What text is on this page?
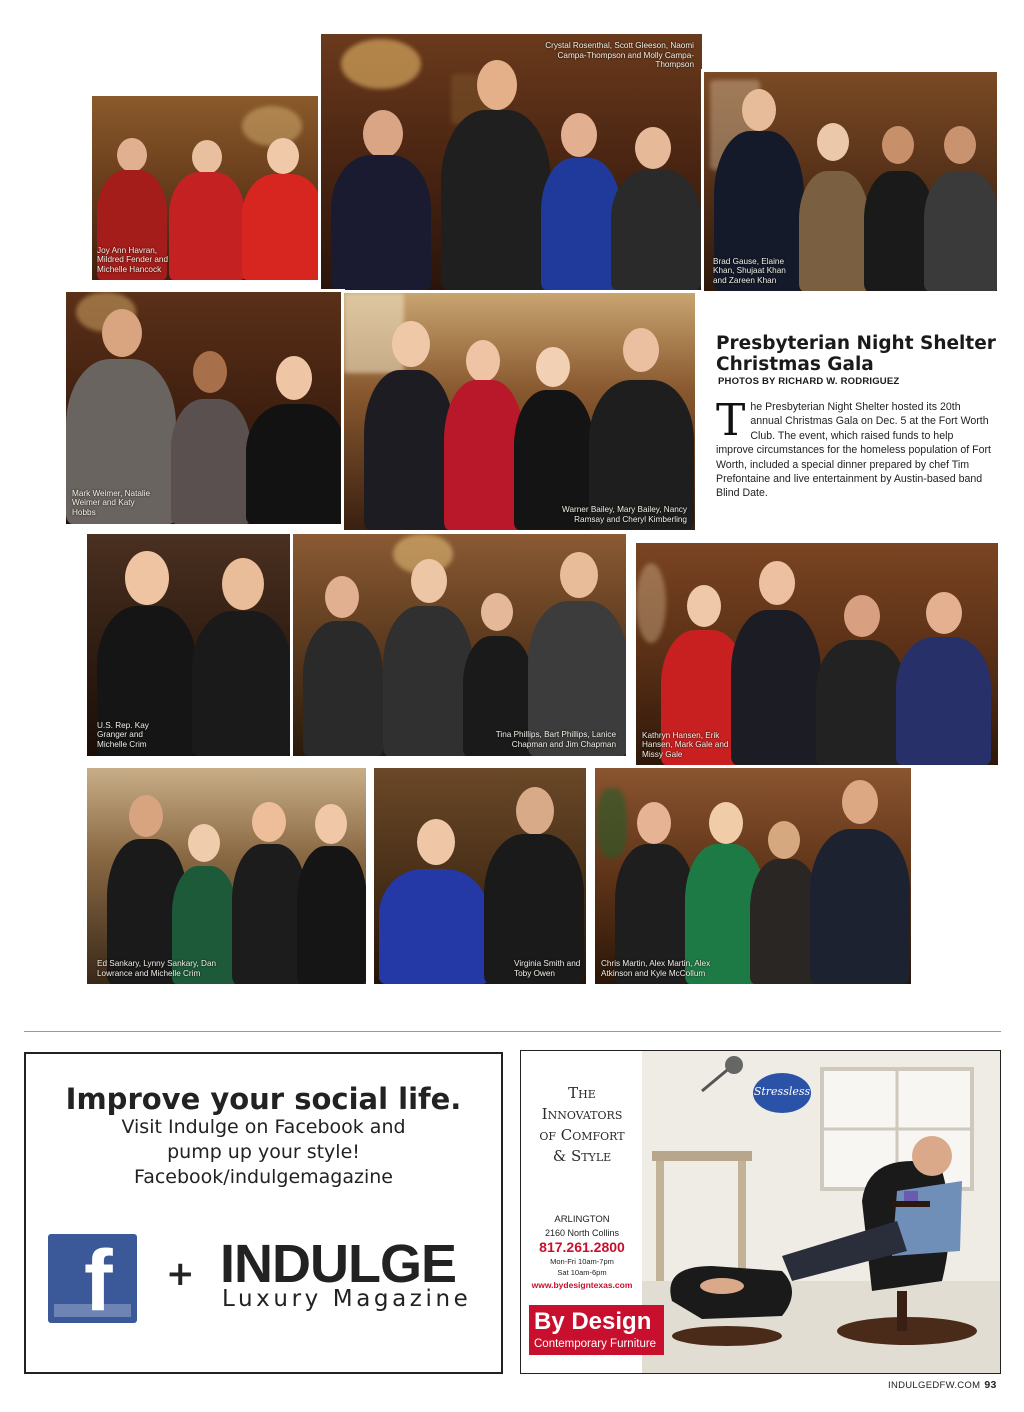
Joy Ann Havran, Mildred Fender and Michelle Hancock
Crystal Rosenthal, Scott Gleeson, Naomi Campa-Thompson and Molly Campa-Thompson
Brad Gause, Elaine Khan, Shujaat Khan and Zareen Khan
Mark Weimer, Natalie Weimer and Katy Hobbs	Warner Bailey, Mary Bailey, Nancy Ramsay and Cheryl Kimberling
U.S. Rep. Kay Granger and Michelle Crim
Tina Phillips, Bart Phillips, Lanice Chapman and Jim Chapman
Kathryn Hansen, Erik Hansen, Mark Gale and Missy Gale
Ed Sankary, Lynny Sankary, Dan Lowrance and Michelle Crim
Virginia Smith and Toby Owen
Chris Martin, Alex Martin, Alex Atkinson and Kyle McCollum
Presbyterian Night Shelter Christmas Gala
PHOTOS BY RICHARD W. RODRIGUEZ
The Presbyterian Night Shelter hosted its 20th annual Christmas Gala on Dec. 5 at the Fort Worth Club. The event, which raised funds to help improve circumstances for the homeless population of Fort Worth, included a special dinner prepared by chef Tim Prefontaine and live entertainment by Austin-based band Blind Date.
Improve your social life.
Visit Indulge on Facebook and
pump up your style!
Facebook/indulgemagazine
f + INDULGE
Luxury Magazine
The
Innovators
of Comfort
& Style
ARLINGTON
2160 North Collins
817.261.2800
Mon-Fri 10am-7pm
Sat 10am-6pm
www.bydesigntexas.com
Stressless
By Design
Contemporary Furniture
INDULGEDFW.COM 93
